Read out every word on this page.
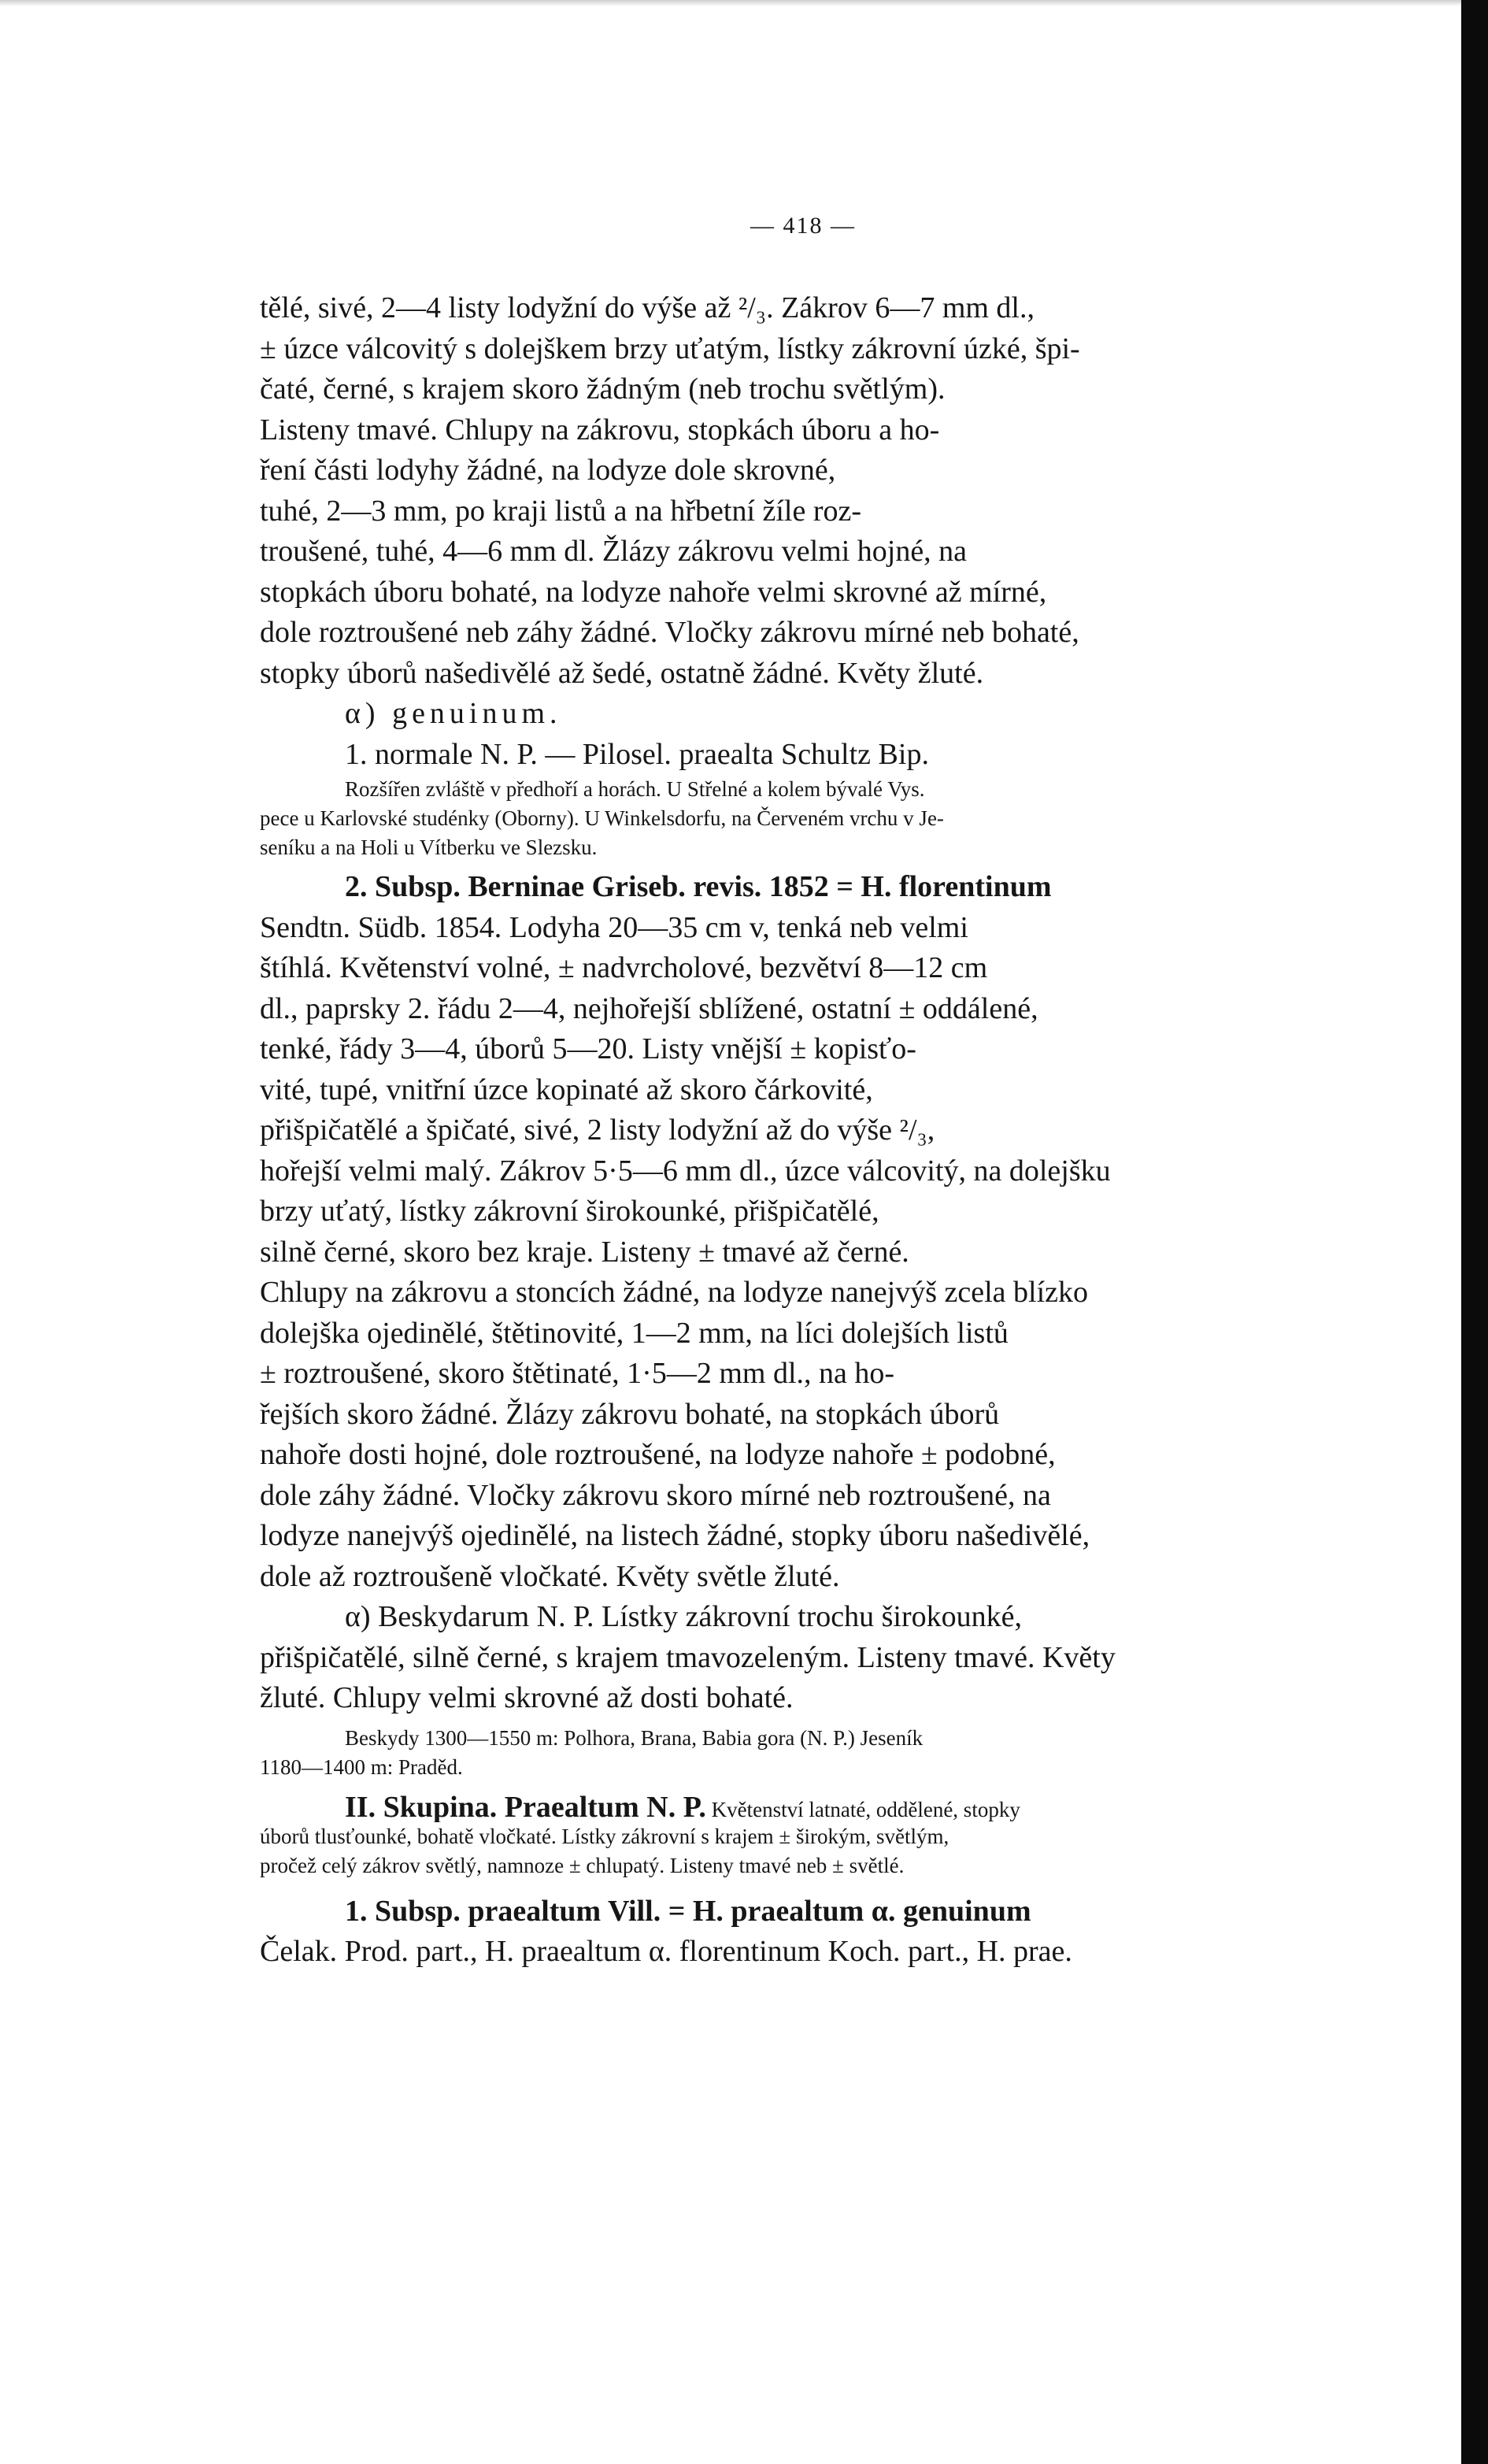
— 418 —
tělé, sivé, 2—4 listy lodyžní do výše až ²/₃. Zákrov 6—7 mm dl.,
± úzce válcovitý s dolejškem brzy uťatým, lístky zákrovní úzké, špi-
čaté, černé, s krajem skoro žádným (neb trochu světlým).
Listeny tmavé. Chlupy na zákrovu, stopkách úboru a ho-
ření části lodyhy žádné, na lodyze dole skrovné,
tuhé, 2—3 mm, po kraji listů a na hřbetní žíle roz-
troušené, tuhé, 4—6 mm dl. Žlázy zákrovu velmi hojné, na
stopkách úboru bohaté, na lodyze nahoře velmi skrovné až mírné,
dole roztroušené neb záhy žádné. Vločky zákrovu mírné neb bohaté,
stopky úborů našedivělé až šedé, ostatně žádné. Květy žluté.
α) genuinum.
1. normale N. P. — Pilosel. praealta Schultz Bip.
Rozšířen zvláště v předhoří a horách. U Střelné a kolem bývalé Vys.
pece u Karlovské studénky (Oborny). U Winkelsdorfu, na Červeném vrchu v Je-
seníku a na Holi u Vítberku ve Slezsku.
2. Subsp. Berninae Griseb. revis. 1852 = H. florentinum
Sendtn. Südb. 1854. Lodyha 20—35 cm v, tenká neb velmi
štíhlá. Květenství volné, ± nadvrcholové, bezvětví 8—12 cm
dl., paprsky 2. řádu 2—4, nejhořejší sblížené, ostatní ± oddálené,
tenké, řády 3—4, úborů 5—20. Listy vnější ± kopisťo-
vité, tupé, vnitřní úzce kopinaté až skoro čárkovité,
přišpičatělé a špičaté, sivé, 2 listy lodyžní až do výše ²/₃,
hořejší velmi malý. Zákrov 5·5—6 mm dl., úzce válcovitý, na dolejšku
brzy uťatý, lístky zákrovní širokounké, přišpičatělé,
silně černé, skoro bez kraje. Listeny ± tmavé až černé.
Chlupy na zákrovu a stoncích žádné, na lodyze nanejvýš zcela blízko
dolejška ojedinělé, štětinovité, 1—2 mm, na líci dolejších listů
± roztroušené, skoro štětinaté, 1·5—2 mm dl., na ho-
řejších skoro žádné. Žlázy zákrovu bohaté, na stopkách úborů
nahoře dosti hojné, dole roztroušené, na lodyze nahoře ± podobné,
dole záhy žádné. Vločky zákrovu skoro mírné neb roztroušené, na
lodyze nanejvýš ojedinělé, na listech žádné, stopky úboru našedivělé,
dole až roztroušeně vločkaté. Květy světle žluté.
α) Beskydarum N. P. Lístky zákrovní trochu širokounké,
přišpičatělé, silně černé, s krajem tmavozeleným. Listeny tmavé. Květy
žluté. Chlupy velmi skrovné až dosti bohaté.
Beskydy 1300—1550 m: Polhora, Brana, Babia gora (N. P.) Jeseník
1180—1400 m: Praděd.
II. Skupina. Praealtum N. P. Květenství latnaté, oddělené, stopky
úborů tlusťounké, bohatě vločkaté. Lístky zákrovní s krajem ± širokým, světlým,
pročež celý zákrov světlý, namnoze ± chlupatý. Listeny tmavé neb ± světlé.
1. Subsp. praealtum Vill. = H. praealtum α. genuinum
Čelak. Prod. part., H. praealtum α. florentinum Koch. part., H. prae.
